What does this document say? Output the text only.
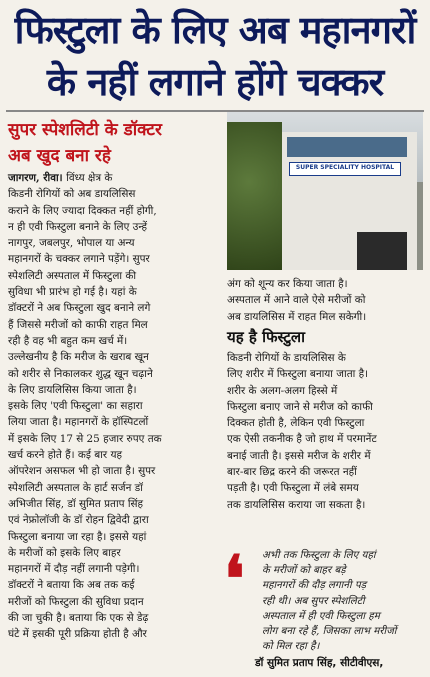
फिस्टुला के लिए अब महानगरों
के नहीं लगाने होंगे चक्कर
सुपर स्पेशलिटी के डॉक्टर
अब खुद बना रहे
जागरण, रीवा। विंध्य क्षेत्र के
किडनी रोगियों को अब डायलिसिस
कराने के लिए ज्यादा दिक्कत नहीं होगी,
न ही एवी फिस्टुला बनाने के लिए उन्हें
नागपुर, जबलपुर, भोपाल या अन्य
महानगरों के चक्कर लगाने पड़ेंगे। सुपर
स्पेशलिटी अस्पताल में फिस्टुला की
सुविधा भी प्रारंभ हो गई है। यहां के
डॉक्टरों ने अब फिस्टुला खुद बनाने लगे
हैं जिससे मरीजों को काफी राहत मिल
रही है वह भी बहुत कम खर्च में।
उल्लेखनीय है कि मरीज के खराब खून
को शरीर से निकालकर शुद्ध खून चढ़ाने
के लिए डायलिसिस किया जाता है।
इसके लिए 'एवी फिस्टुला' का सहारा
लिया जाता है। महानगरों के हॉस्पिटलों
में इसके लिए 17 से 25 हजार रुपए तक
खर्च करने होते हैं। कई बार यह
ऑपरेशन असफल भी हो जाता है। सुपर
स्पेशलिटी अस्पताल के हार्ट सर्जन डॉ
अभिजीत सिंह, डॉ सुमित प्रताप सिंह
एवं नेफ्रोलॉजी के डॉ रोहन द्विवेदी द्वारा
फिस्टुला बनाया जा रहा है। इससे यहां
के मरीजों को इसके लिए बाहर
महानगरों में दौड़ नहीं लगानी पड़ेगी।
डॉक्टरों ने बताया कि अब तक कई
मरीजों को फिस्टुला की सुविधा प्रदान
की जा चुकी है। बताया कि एक से डेढ़
घंटे में इसकी पूरी प्रक्रिया होती है और
SUPER SPECIALITY HOSPITAL
अंग को शून्य कर किया जाता है।
अस्पताल में आने वाले ऐसे मरीजों को
अब डायलिसिस में राहत मिल सकेगी।
यह है फिस्टुला
किडनी रोगियों के डायलिसिस के
लिए शरीर में फिस्टुला बनाया जाता है।
शरीर के अलग-अलग हिस्से में
फिस्टुला बनाए जाने से मरीज को काफी
दिक्कत होती है, लेकिन एवी फिस्टुला
एक ऐसी तकनीक है जो हाथ में परमानेंट
बनाई जाती है। इससे मरीज के शरीर में
बार-बार छिद्र करने की जरूरत नहीं
पड़ती है। एवी फिस्टुला में लंबे समय
तक डायलिसिस कराया जा सकता है।
❛ अभी तक फिस्टुला के लिए यहां
के मरीजों को बाहर बड़े
महानगरों की दौड़ लगानी पड़
रही थी। अब सुपर स्पेशलिटी
अस्पताल में ही एवी फिस्टुला हम
लोग बना रहे हैं, जिसका लाभ मरीजों
को मिल रहा है।
डॉ सुमित प्रताप सिंह, सीटीवीएस,
